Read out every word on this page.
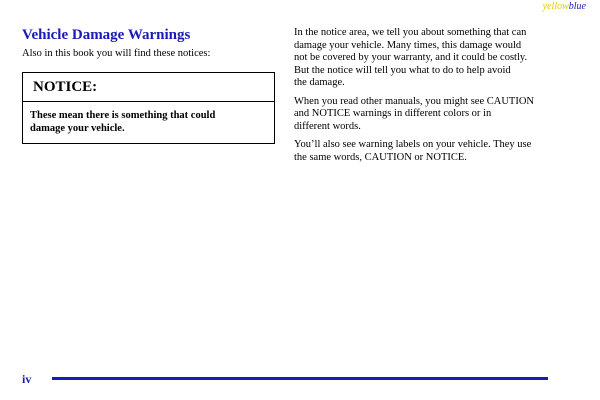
yellowblue
Vehicle Damage Warnings

Also in this book you will find these notices:

NOTICE:
These mean there is something that could
damage your vehicle.

In the notice area, we tell you about something that can
damage your vehicle. Many times, this damage would
not be covered by your warranty, and it could be costly.
But the notice will tell you what to do to help avoid
the damage.

When you read other manuals, you might see CAUTION
and NOTICE warnings in different colors or in
different words.

You’ll also see warning labels on your vehicle. They use
the same words, CAUTION or NOTICE.

iv
